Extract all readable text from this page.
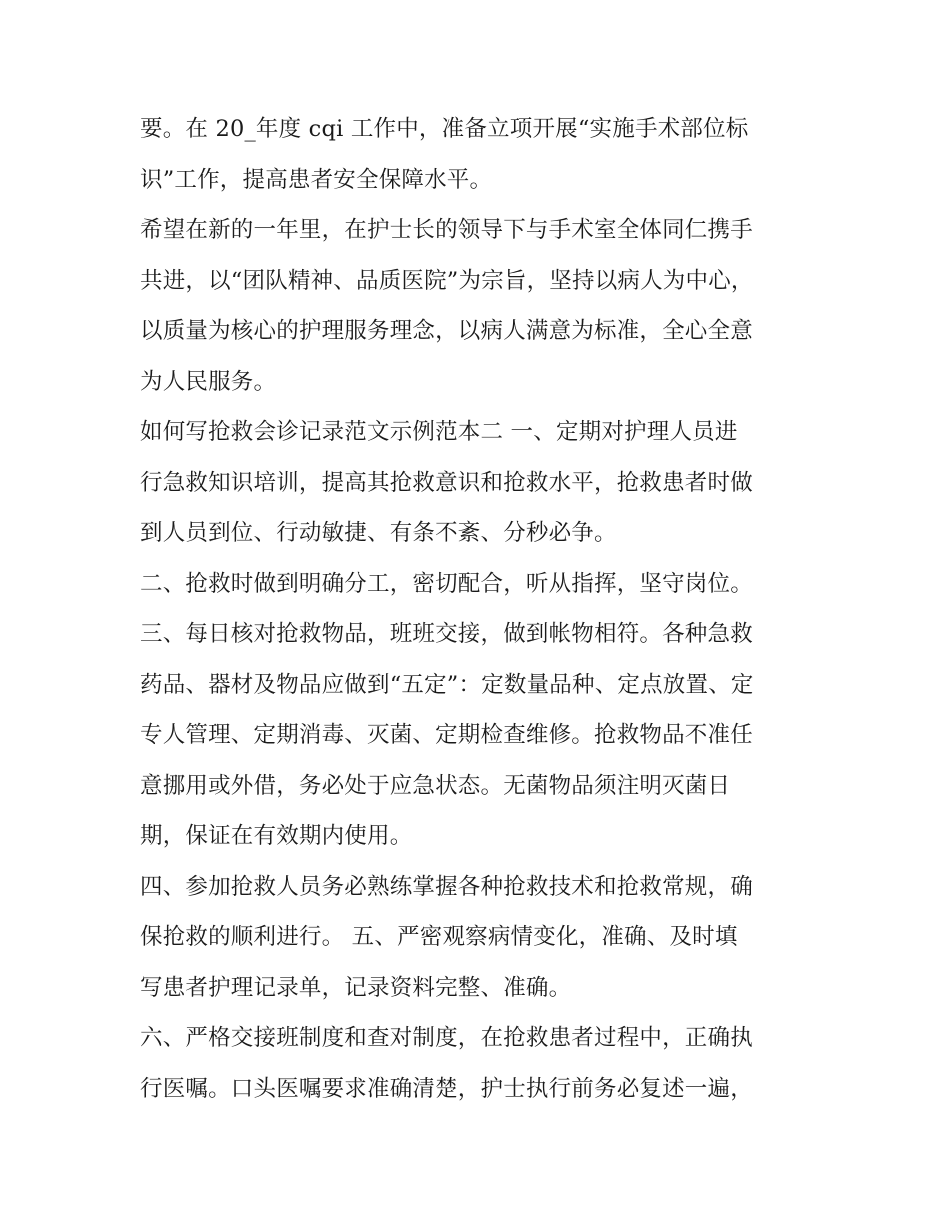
要。在 20_年度 cqi 工作中，准备立项开展“实施手术部位标
识”工作，提高患者安全保障水平。
希望在新的一年里，在护士长的领导下与手术室全体同仁携手
共进，以“团队精神、品质医院”为宗旨，坚持以病人为中心，
以质量为核心的护理服务理念，以病人满意为标准，全心全意
为人民服务。
如何写抢救会诊记录范文示例范本二 一、定期对护理人员进
行急救知识培训，提高其抢救意识和抢救水平，抢救患者时做
到人员到位、行动敏捷、有条不紊、分秒必争。
二、抢救时做到明确分工，密切配合，听从指挥，坚守岗位。
三、每日核对抢救物品，班班交接，做到帐物相符。各种急救
药品、器材及物品应做到“五定”：定数量品种、定点放置、定
专人管理、定期消毒、灭菌、定期检查维修。抢救物品不准任
意挪用或外借，务必处于应急状态。无菌物品须注明灭菌日
期，保证在有效期内使用。
四、参加抢救人员务必熟练掌握各种抢救技术和抢救常规，确
保抢救的顺利进行。 五、严密观察病情变化，准确、及时填
写患者护理记录单，记录资料完整、准确。
六、严格交接班制度和查对制度，在抢救患者过程中，正确执
行医嘱。口头医嘱要求准确清楚，护士执行前务必复述一遍，
